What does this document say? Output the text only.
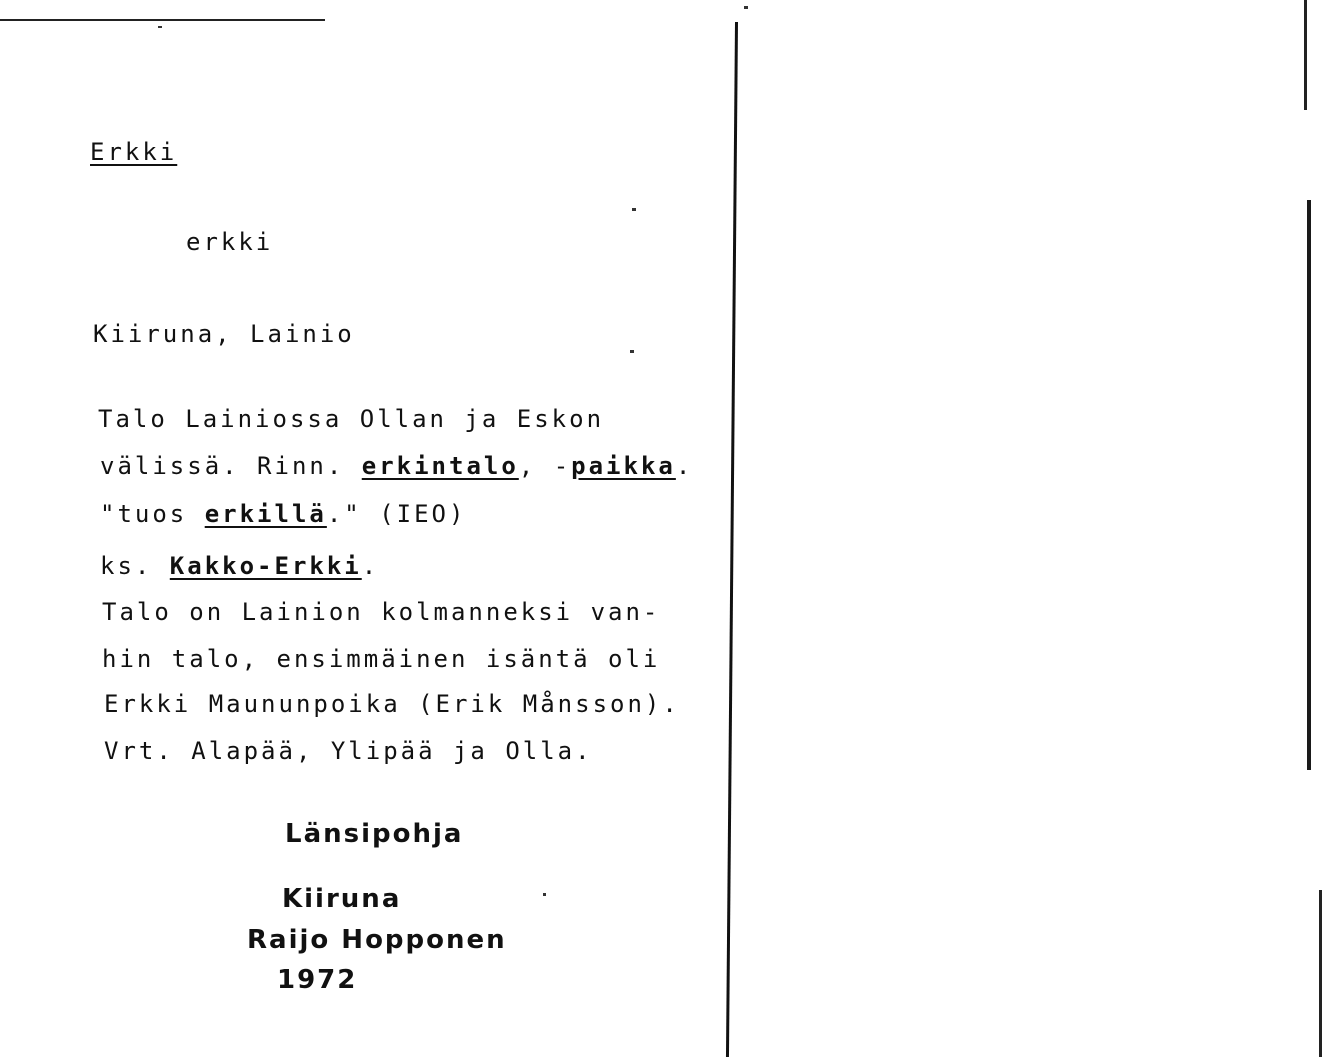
Erkki
erkki
Kiiruna, Lainio
Talo Lainiossa Ollan ja Eskon
välissä. Rinn. erkintalo, -paikka.
"tuos erkillä." (IEO)
ks. Kakko-Erkki.
Talo on Lainion kolmanneksi van-
hin talo, ensimmäinen isäntä oli
Erkki Maununpoika (Erik Månsson).
Vrt. Alapää, Ylipää ja Olla.
Länsipohja
Kiiruna
Raijo Hopponen
1972
